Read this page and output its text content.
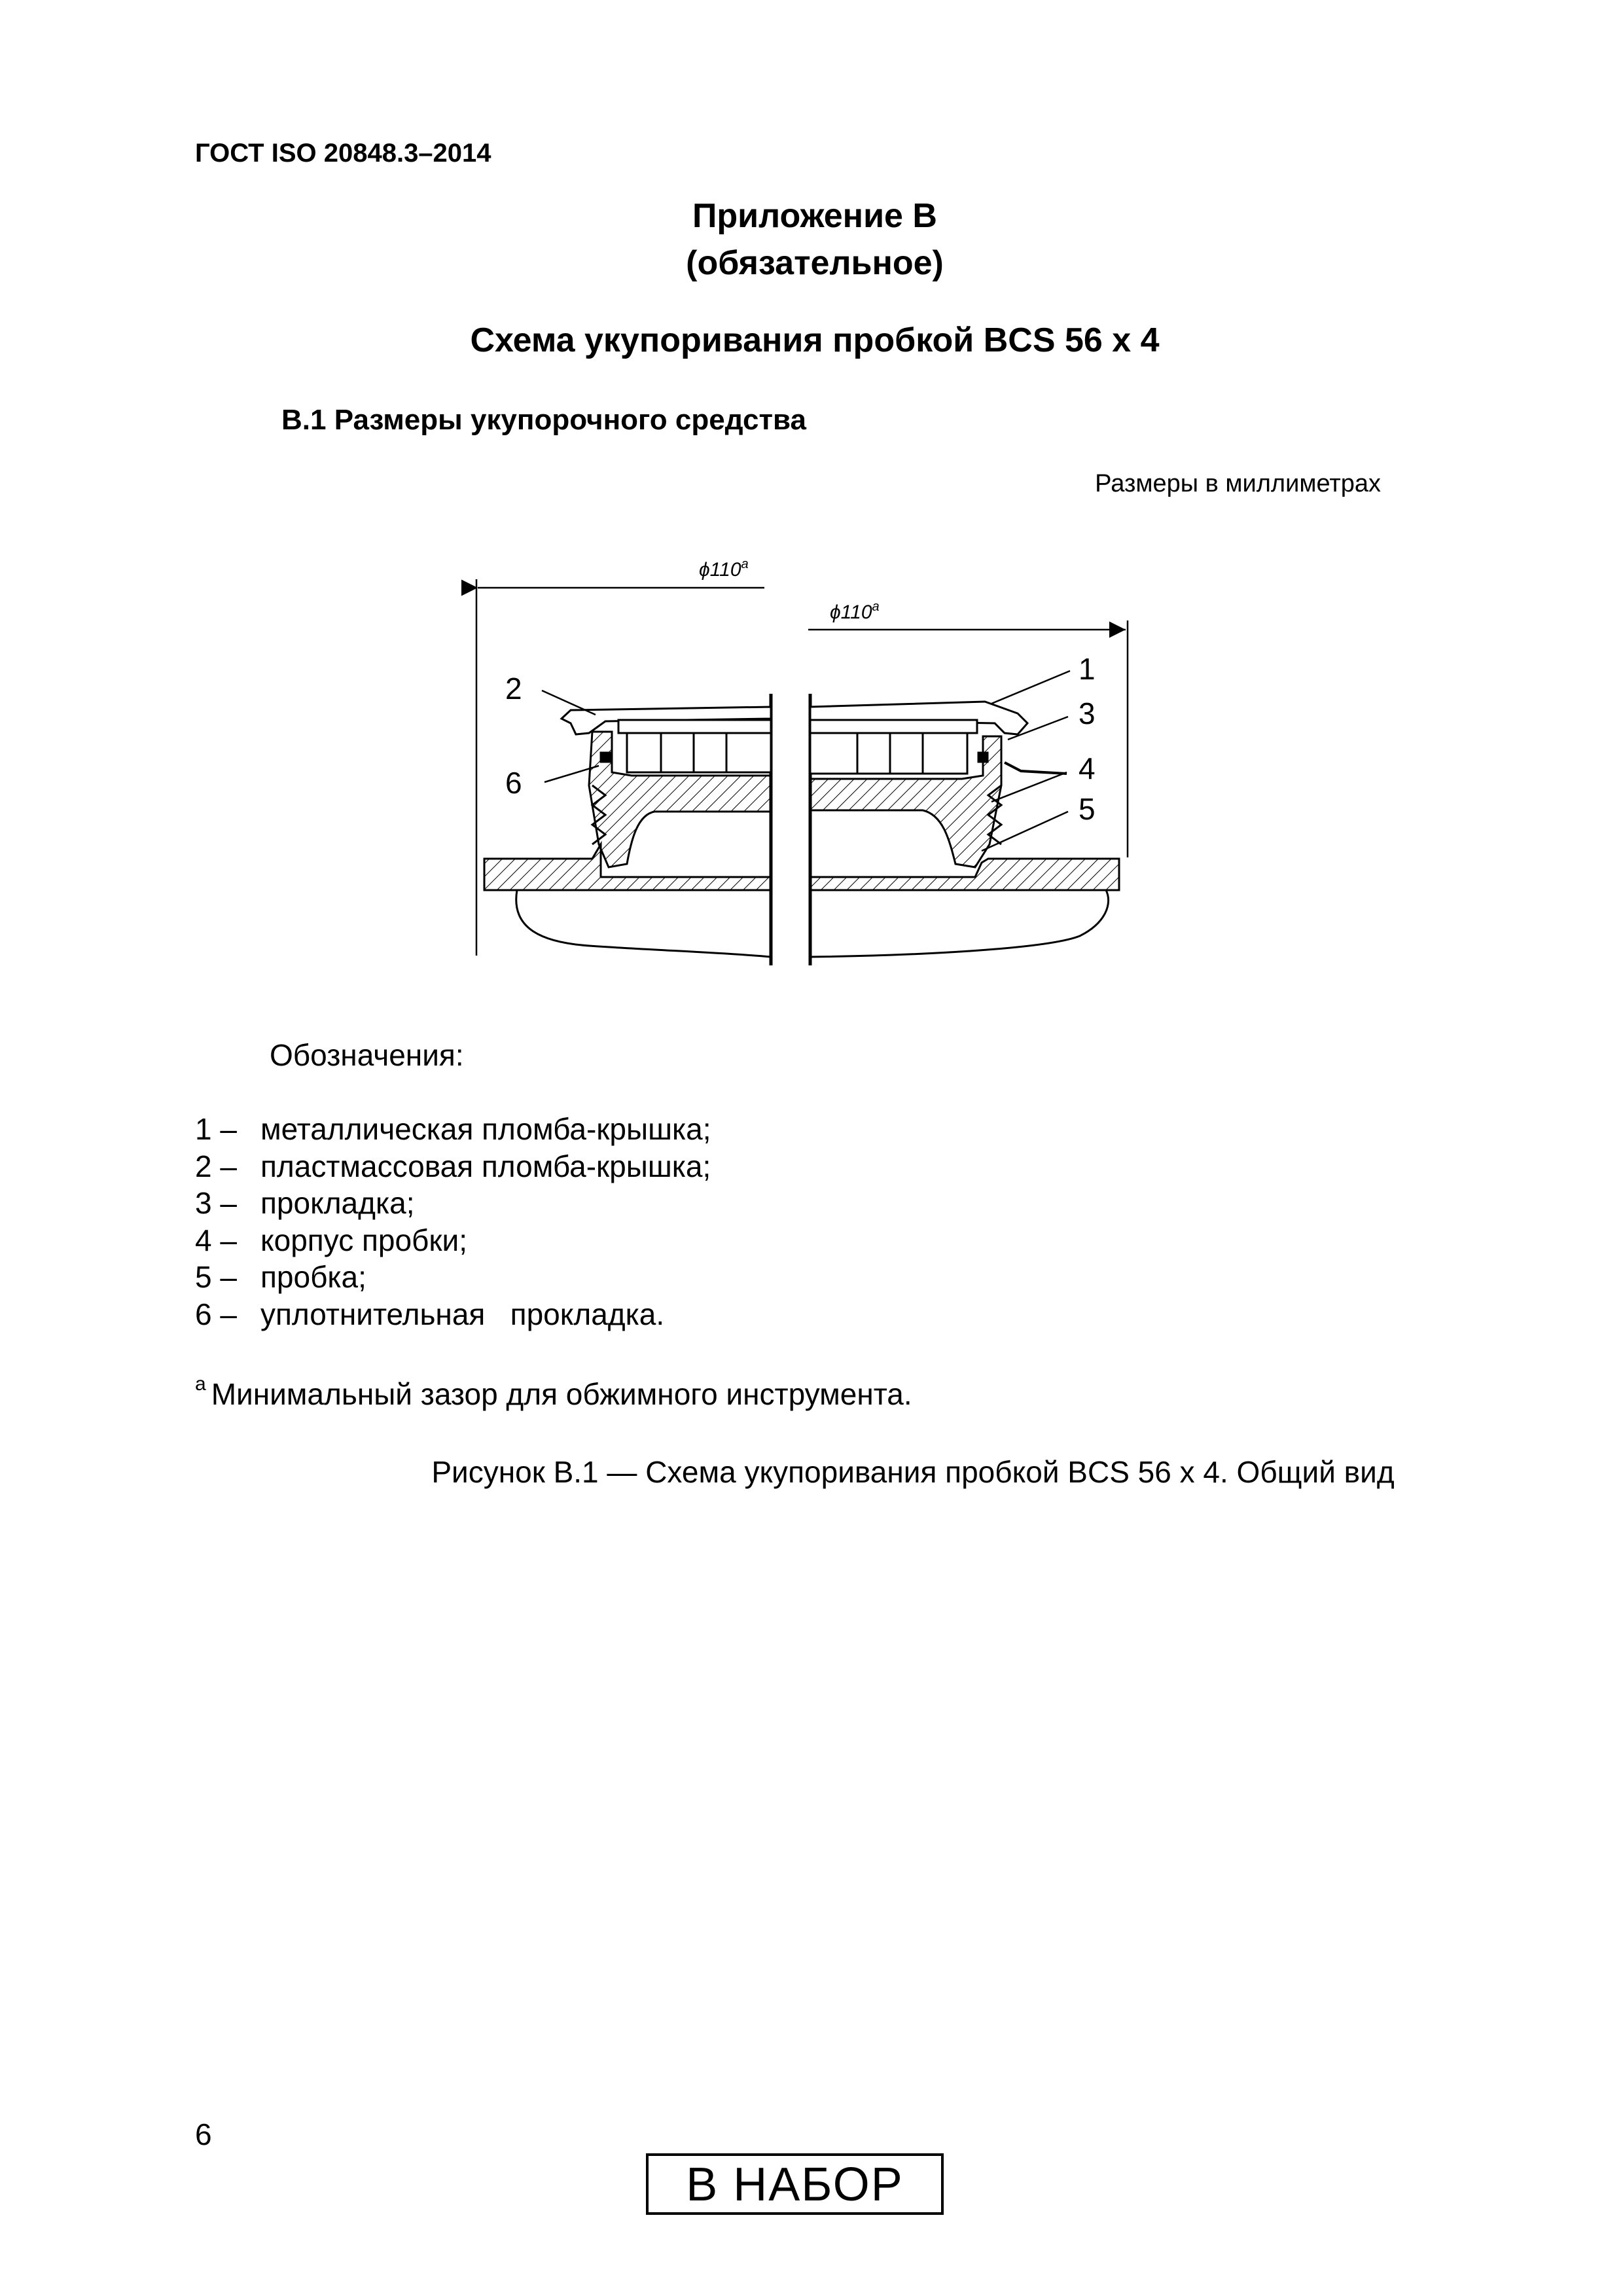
ГОСТ ISO 20848.3–2014
Приложение В
(обязательное)
Схема укупоривания пробкой BCS 56 х 4
В.1 Размеры укупорочного средства
Размеры в миллиметрах
ϕ110$^a$
ϕ110$^a$
1
2
3
4
5
6
Обозначения:
1 – металлическая пломба-крышка;
2 – пластмассовая пломба-крышка;
3 – прокладка;
4 – корпус пробки;
5 – пробка;
6 – уплотнительная   прокладка.
$^a$ Минимальный зазор для обжимного инструмента.
Рисунок В.1 — Схема укупоривания пробкой BCS 56 х 4. Общий вид
6
В НАБОР
